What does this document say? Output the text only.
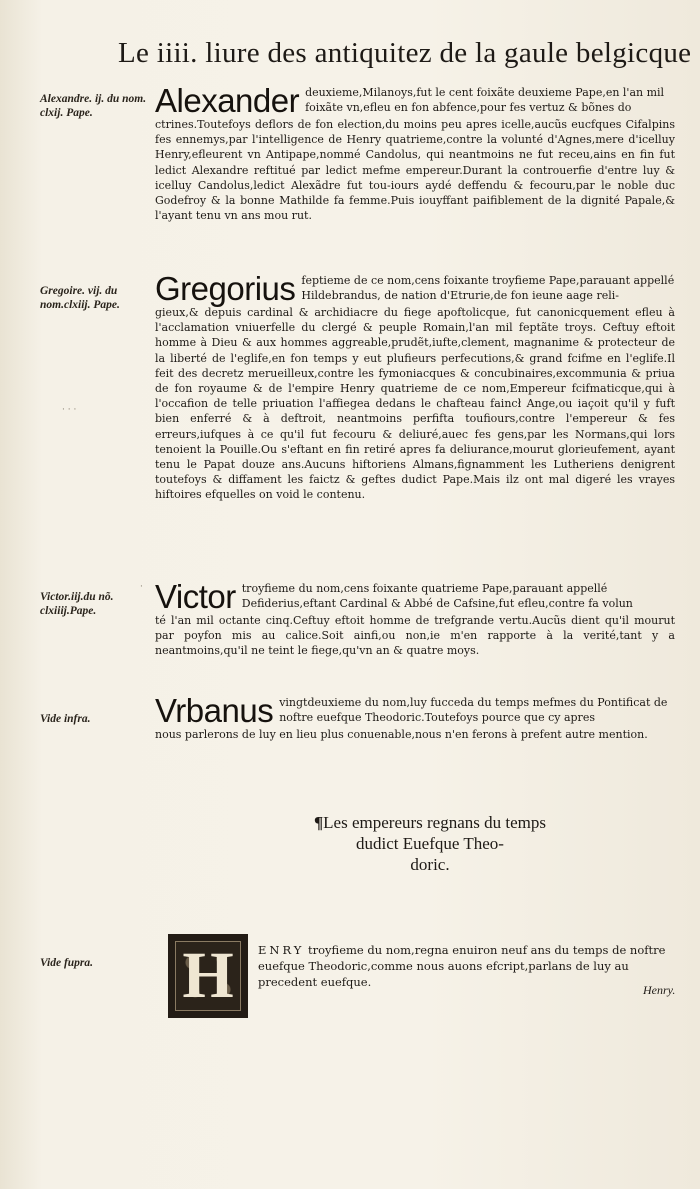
Le iiii. liure des antiquitez de la gaule belgicque
Alexandre. ij. du nom. clxij. Pape.	Alexander deuxieme,Milanoys,fut le cent foixãte deuxieme Pape,en l'an mil foixãte vn,efleu en fon abfence,pour fes vertuz & bõnes do
ctrines.Toutefoys deflors de fon election,du moins peu apres icelle,aucũs eucfques Cifalpins fes ennemys,par l'intelligence de Henry quatrieme,contre la volunté d'Agnes,mere d'icelluy Henry,efleurent vn Antipape,nommé Candolus, qui neantmoins ne fut receu,ains en fin fut ledict Alexandre reftitué par ledict mefme empereur.Durant la controuerfie d'entre luy & icelluy Candolus,ledict Alexãdre fut tou-iours aydé deffendu & fecouru,par le noble duc Godefroy & la bonne Mathilde fa femme.Puis iouyffant paifiblement de la dignité Papale,& l'ayant tenu vn ans mou rut.
Gregoire. vij. du nom.clxiij. Pape.	Gregorius feptieme de ce nom,cens foixante troyfieme Pape,parauant appellé Hildebrandus, de nation d'Etrurie,de fon ieune aage reli-
gieux,& depuis cardinal & archidiacre du fiege apoftolicque, fut canonicquement efleu à l'acclamation vniuerfelle du clergé & peuple Romain,l'an mil feptãte troys. Ceftuy eftoit homme à Dieu & aux hommes aggreable,prudẽt,iufte,clement, magnanime & protecteur de la liberté de l'eglife,en fon temps y eut plufieurs perfecutions,& grand fcifme en l'eglife.Il feit des decretz merueilleux,contre les fymoniacques & concubinaires,excommunia & priua de fon royaume & de l'empire Henry quatrieme de ce nom,Empereur fcifmaticque,qui à l'occafion de telle priuation l'affiegea dedans le chafteau faincł Ange,ou iaçoit qu'il y fuft bien enferré & à deftroit, neantmoins perfifta toufiours,contre l'empereur & fes erreurs,iufques à ce qu'il fut fecouru & deliuré,auec fes gens,par les Normans,qui lors tenoient la Pouille.Ou s'eftant en fin retiré apres fa deliurance,mourut glorieufement, ayant tenu le Papat douze ans.Aucuns hiftoriens Almans,fignamment les Lutheriens denigrent toutefoys & diffament les faictz & geftes dudict Pape.Mais ilz ont mal digeré les vrayes hiftoires efquelles on void le contenu.
Victor.iij.du nõ. clxiiij.Pape.	Victor troyfieme du nom,cens foixante quatrieme Pape,parauant appellé Defiderius,eftant Cardinal & Abbé de Cafsine,fut efleu,contre fa volun
té l'an mil octante cinq.Ceftuy eftoit homme de trefgrande vertu.Aucũs dient qu'il mourut par poyfon mis au calice.Soit ainfi,ou non,ie m'en rapporte à la verité,tant y a neantmoins,qu'il ne teint le fiege,qu'vn an & quatre moys.
Vide infra.	Vrbanus vingtdeuxieme du nom,luy fucceda du temps mefmes du Pontificat de noftre euefque Theodoric.Toutefoys pource que cy apres
nous parlerons de luy en lieu plus conuenable,nous n'en ferons à prefent autre mention.
¶Les empereurs regnans du temps
dudict Euefque Theo-
doric.
Vide fupra.	H	ENRY troyfieme du nom,regna enuiron neuf ans du temps de noftre euefque Theodoric,comme nous auons efcript,parlans de luy au precedent euefque.
Henry.
· · ·
·
